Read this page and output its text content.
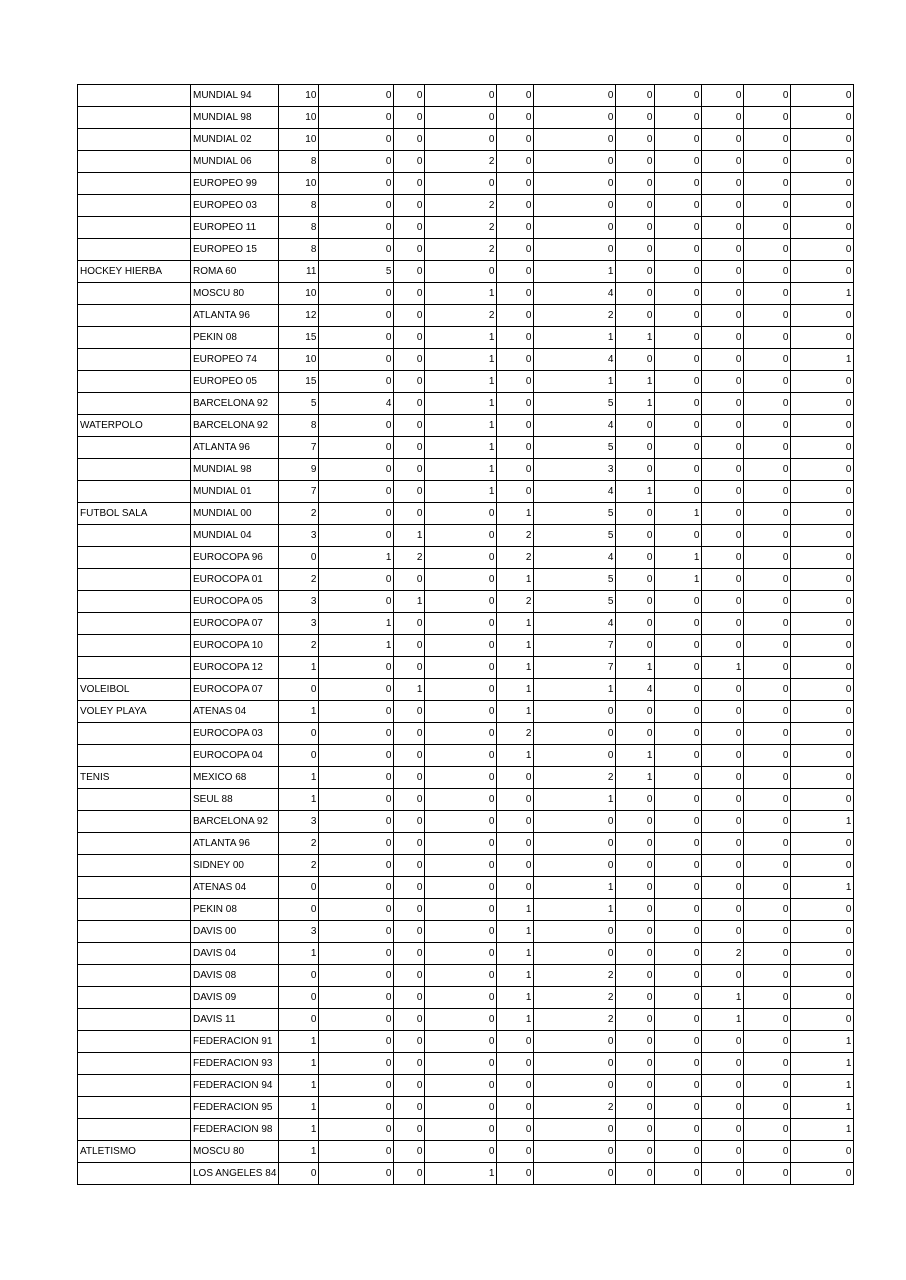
	MUNDIAL 94	10	0	0	0	0	0	0	0	0	0	0
	MUNDIAL 98	10	0	0	0	0	0	0	0	0	0	0
	MUNDIAL 02	10	0	0	0	0	0	0	0	0	0	0
	MUNDIAL 06	8	0	0	2	0	0	0	0	0	0	0
	EUROPEO 99	10	0	0	0	0	0	0	0	0	0	0
	EUROPEO 03	8	0	0	2	0	0	0	0	0	0	0
	EUROPEO 11	8	0	0	2	0	0	0	0	0	0	0
	EUROPEO 15	8	0	0	2	0	0	0	0	0	0	0
HOCKEY HIERBA	ROMA 60	11	5	0	0	0	1	0	0	0	0	0
	MOSCU 80	10	0	0	1	0	4	0	0	0	0	1
	ATLANTA 96	12	0	0	2	0	2	0	0	0	0	0
	PEKIN 08	15	0	0	1	0	1	1	0	0	0	0
	EUROPEO 74	10	0	0	1	0	4	0	0	0	0	1
	EUROPEO 05	15	0	0	1	0	1	1	0	0	0	0
	BARCELONA 92	5	4	0	1	0	5	1	0	0	0	0
WATERPOLO	BARCELONA 92	8	0	0	1	0	4	0	0	0	0	0
	ATLANTA 96	7	0	0	1	0	5	0	0	0	0	0
	MUNDIAL 98	9	0	0	1	0	3	0	0	0	0	0
	MUNDIAL 01	7	0	0	1	0	4	1	0	0	0	0
FUTBOL SALA	MUNDIAL 00	2	0	0	0	1	5	0	1	0	0	0
	MUNDIAL 04	3	0	1	0	2	5	0	0	0	0	0
	EUROCOPA 96	0	1	2	0	2	4	0	1	0	0	0
	EUROCOPA 01	2	0	0	0	1	5	0	1	0	0	0
	EUROCOPA 05	3	0	1	0	2	5	0	0	0	0	0
	EUROCOPA 07	3	1	0	0	1	4	0	0	0	0	0
	EUROCOPA 10	2	1	0	0	1	7	0	0	0	0	0
	EUROCOPA 12	1	0	0	0	1	7	1	0	1	0	0
VOLEIBOL	EUROCOPA 07	0	0	1	0	1	1	4	0	0	0	0
VOLEY PLAYA	ATENAS 04	1	0	0	0	1	0	0	0	0	0	0
	EUROCOPA 03	0	0	0	0	2	0	0	0	0	0	0
	EUROCOPA 04	0	0	0	0	1	0	1	0	0	0	0
TENIS	MEXICO 68	1	0	0	0	0	2	1	0	0	0	0
	SEUL 88	1	0	0	0	0	1	0	0	0	0	0
	BARCELONA 92	3	0	0	0	0	0	0	0	0	0	1
	ATLANTA 96	2	0	0	0	0	0	0	0	0	0	0
	SIDNEY 00	2	0	0	0	0	0	0	0	0	0	0
	ATENAS 04	0	0	0	0	0	1	0	0	0	0	1
	PEKIN 08	0	0	0	0	1	1	0	0	0	0	0
	DAVIS 00	3	0	0	0	1	0	0	0	0	0	0
	DAVIS 04	1	0	0	0	1	0	0	0	2	0	0
	DAVIS 08	0	0	0	0	1	2	0	0	0	0	0
	DAVIS 09	0	0	0	0	1	2	0	0	1	0	0
	DAVIS 11	0	0	0	0	1	2	0	0	1	0	0
	FEDERACION 91	1	0	0	0	0	0	0	0	0	0	1
	FEDERACION 93	1	0	0	0	0	0	0	0	0	0	1
	FEDERACION 94	1	0	0	0	0	0	0	0	0	0	1
	FEDERACION 95	1	0	0	0	0	2	0	0	0	0	1
	FEDERACION 98	1	0	0	0	0	0	0	0	0	0	1
ATLETISMO	MOSCU 80	1	0	0	0	0	0	0	0	0	0	0
	LOS ANGELES 84	0	0	0	1	0	0	0	0	0	0	0
